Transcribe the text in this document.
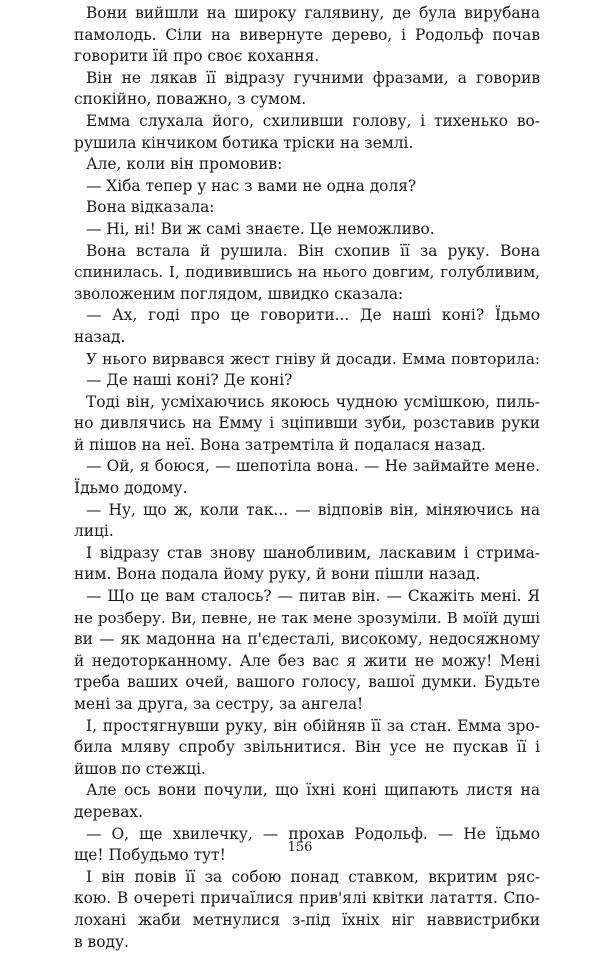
Вони вийшли на широку галявину, де була вирубана
памолодь. Сіли на вивернуте дерево, і Родольф почав
говорити їй про своє кохання.
Він не лякав її відразу гучними фразами, а говорив
спокійно, поважно, з сумом.
Емма слухала його, схиливши голову, і тихенько во-
рушила кінчиком ботика тріски на землі.
Але, коли він промовив:
— Хіба тепер у нас з вами не одна доля?
Вона відказала:
— Ні, ні! Ви ж самі знаєте. Це неможливо.
Вона встала й рушила. Він схопив її за руку. Вона
спинилась. І, подивившись на нього довгим, голубливим,
зволоженим поглядом, швидко сказала:
— Ах, годі про це говорити... Де наші коні? Їдьмо
назад.
У нього вирвався жест гніву й досади. Емма повторила:
— Де наші коні? Де коні?
Тоді він, усміхаючись якоюсь чудною усмішкою, пиль-
но дивлячись на Емму і зціпивши зуби, розставив руки
й пішов на неї. Вона затремтіла й подалася назад.
— Ой, я боюся, — шепотіла вона. — Не займайте мене.
Їдьмо додому.
— Ну, що ж, коли так... — відповів він, міняючись на
лиці.
І відразу став знову шанобливим, ласкавим і стрима-
ним. Вона подала йому руку, й вони пішли назад.
— Що це вам сталось? — питав він. — Скажіть мені. Я
не розберу. Ви, певне, не так мене зрозуміли. В моїй душі
ви — як мадонна на п'єдесталі, високому, недосяжному
й недоторканному. Але без вас я жити не можу! Мені
треба ваших очей, вашого голосу, вашої думки. Будьте
мені за друга, за сестру, за ангела!
І, простягнувши руку, він обійняв її за стан. Емма зро-
била мляву спробу звільнитися. Він усе не пускав її і
йшов по стежці.
Але ось вони почули, що їхні коні щипають листя на
деревах.
— О, ще хвилечку, — прохав Родольф. — Не їдьмо
ще! Побудьмо тут!
І він повів її за собою понад ставком, вкритим ряс-
кою. В очереті причаїлися прив'ялі квітки латаття. Спо-
лохані жаби метнулися з-під їхніх ніг наввистрибки
в воду.
156
